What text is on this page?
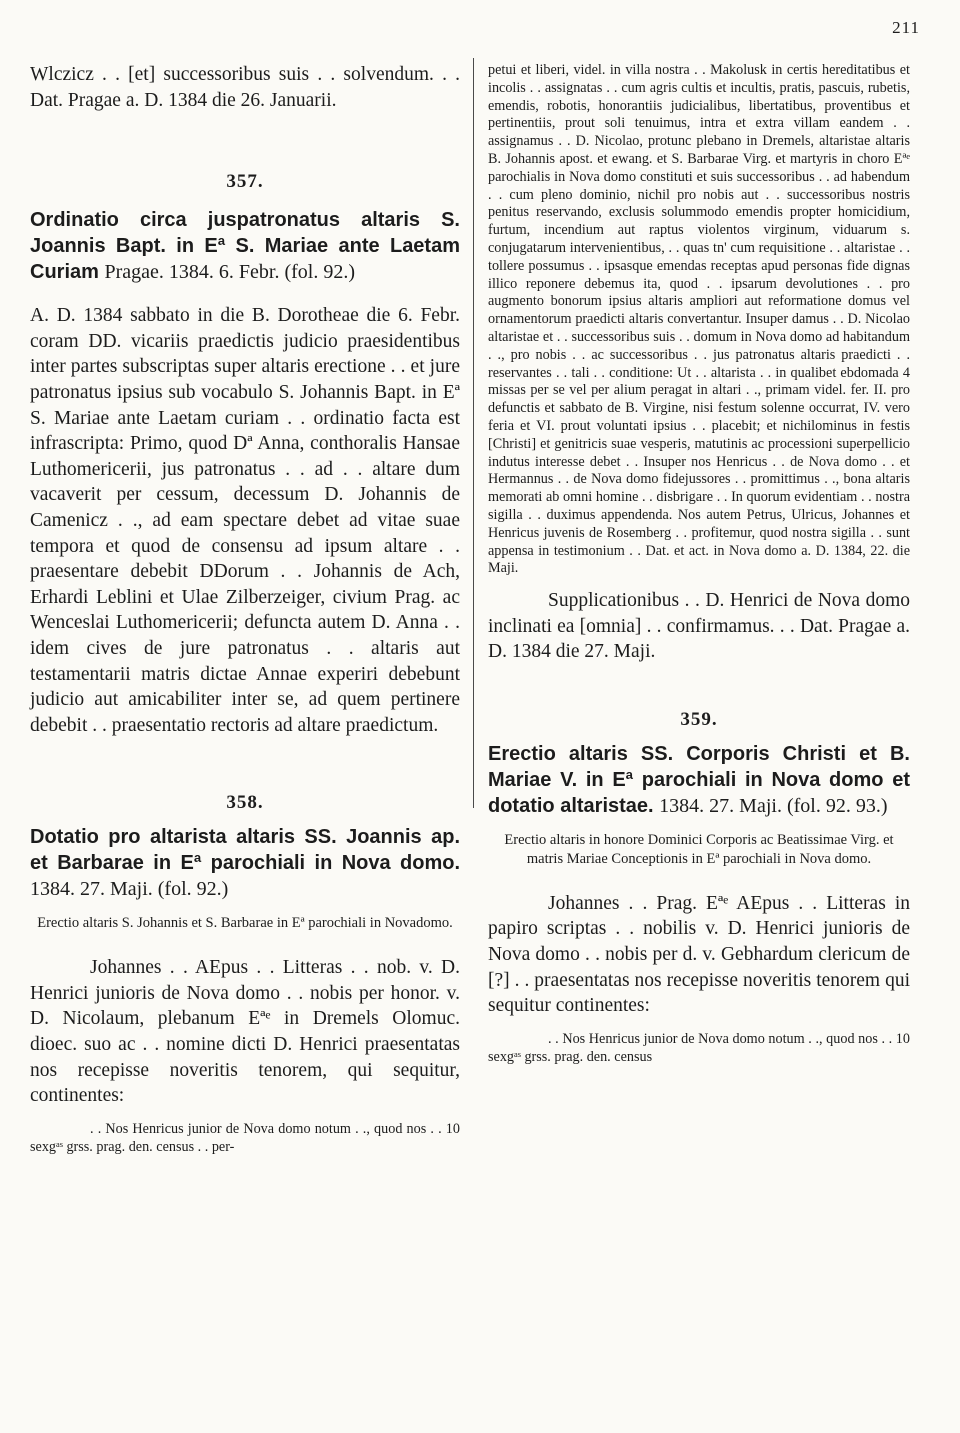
211

Wlczicz . . [et] successoribus suis . . solvendum. . . Dat. Pragae a. D. 1384 die 26. Januarii.

357.

Ordinatio circa juspatronatus altaris S. Joannis Bapt. in Eª S. Mariae ante Laetam Curiam Pragae. 1384. 6. Febr. (fol. 92.)

A. D. 1384 sabbato in die B. Dorotheae die 6. Febr. coram DD. vicariis praedictis judicio praesidentibus inter partes subscriptas super altaris erectione . . et jure patronatus ipsius sub vocabulo S. Johannis Bapt. in Eª S. Mariae ante Laetam curiam . . ordinatio facta est infrascripta: Primo, quod Dª Anna, conthoralis Hansae Luthomericerii, jus patronatus . . ad . . altare dum vacaverit per cessum, decessum D. Johannis de Camenicz . ., ad eam spectare debet ad vitae suae tempora et quod de consensu ad ipsum altare . . praesentare debebit DDorum . . Johannis de Ach, Erhardi Leblini et Ulae Zilberzeiger, civium Prag. ac Wenceslai Luthomericerii; defuncta autem D. Anna . . idem cives de jure patronatus . . altaris aut testamentarii matris dictae Annae experiri debebunt judicio aut amicabiliter inter se, ad quem pertinere debebit . . praesentatio rectoris ad altare praedictum.

358.

Dotatio pro altarista altaris SS. Joannis ap. et Barbarae in Eª parochiali in Nova domo. 1384. 27. Maji. (fol. 92.)

Erectio altaris S. Johannis et S. Barbarae in Eª parochiali in Novadomo.

Johannes . . AEpus . . Litteras . . nob. v. D. Henrici junioris de Nova domo . . nobis per honor. v. D. Nicolaum, plebanum Eªᵉ in Dremels Olomuc. dioec. suo ac . . nomine dicti D. Henrici praesentatas nos recepisse noveritis tenorem, qui sequitur, continentes:

. . Nos Henricus junior de Nova domo notum . ., quod nos . . 10 sexgᵃˢ grss. prag. den. census . . per-

petui et liberi, videl. in villa nostra . . Makolusk in certis hereditatibus et incolis . . assignatas . . cum agris cultis et incultis, pratis, pascuis, rubetis, emendis, robotis, honorantiis judicialibus, libertatibus, proventibus et pertinentiis, prout soli tenuimus, intra et extra villam eandem . . assignamus . . D. Nicolao, protunc plebano in Dremels, altaristae altaris B. Johannis apost. et ewang. et S. Barbarae Virg. et martyris in choro Eªᵉ parochialis in Nova domo constituti et suis successoribus . . ad habendum . . cum pleno dominio, nichil pro nobis aut . . successoribus nostris penitus reservando, exclusis solummodo emendis propter homicidium, furtum, incendium aut raptus violentos virginum, viduarum s. conjugatarum intervenientibus, . . quas tn' cum requisitione . . altaristae . . tollere possumus . . ipsasque emendas receptas apud personas fide dignas illico reponere debemus ita, quod . . ipsarum devolutiones . . pro augmento bonorum ipsius altaris ampliori aut reformatione domus vel ornamentorum praedicti altaris convertantur. Insuper damus . . D. Nicolao altaristae et . . successoribus suis . . domum in Nova domo ad habitandum . ., pro nobis . . ac successoribus . . jus patronatus altaris praedicti . . reservantes . . tali . . conditione: Ut . . altarista . . in qualibet ebdomada 4 missas per se vel per alium peragat in altari . ., primam videl. fer. II. pro defunctis et sabbato de B. Virgine, nisi festum solenne occurrat, IV. vero feria et VI. prout voluntati ipsius . . placebit; et nichilominus in festis [Christi] et genitricis suae vesperis, matutinis ac processioni superpellicio indutus interesse debet . . Insuper nos Henricus . . de Nova domo . . et Hermannus . . de Nova domo fidejussores . . promittimus . ., bona altaris memorati ab omni homine . . disbrigare . . In quorum evidentiam . . nostra sigilla . . duximus appendenda. Nos autem Petrus, Ulricus, Johannes et Henricus juvenis de Rosemberg . . profitemur, quod nostra sigilla . . sunt appensa in testimonium . . Dat. et act. in Nova domo a. D. 1384, 22. die Maji.

Supplicationibus . . D. Henrici de Nova domo inclinati ea [omnia] . . confirmamus. . . Dat. Pragae a. D. 1384 die 27. Maji.

359.

Erectio altaris SS. Corporis Christi et B. Mariae V. in Eª parochiali in Nova domo et dotatio altaristae. 1384. 27. Maji. (fol. 92. 93.)

Erectio altaris in honore Dominici Corporis ac Beatissimae Virg. et matris Mariae Conceptionis in Eª parochiali in Nova domo.

Johannes . . Prag. Eªᵉ AEpus . . Litteras in papiro scriptas . . nobilis v. D. Henrici junioris de Nova domo . . nobis per d. v. Gebhardum clericum de [?] . . praesentatas nos recepisse noveritis tenorem qui sequitur continentes:

. . Nos Henricus junior de Nova domo notum . ., quod nos . . 10 sexgᵃˢ grss. prag. den. census
